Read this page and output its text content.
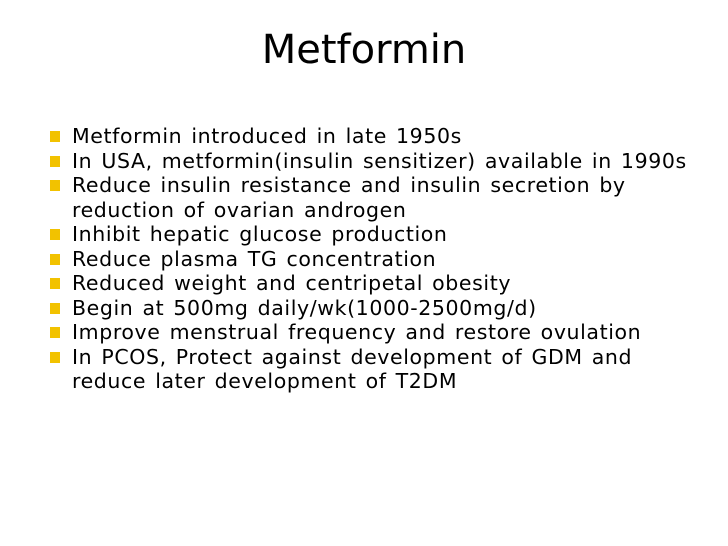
Metformin
Metformin introduced in late 1950s
In USA, metformin(insulin sensitizer) available in 1990s
Reduce insulin resistance and insulin secretion by reduction of ovarian androgen
Inhibit hepatic glucose production
Reduce plasma TG concentration
Reduced weight and centripetal obesity
Begin at 500mg daily/wk(1000-2500mg/d)
Improve menstrual frequency and restore ovulation
In PCOS, Protect against development of GDM and reduce later development of T2DM
